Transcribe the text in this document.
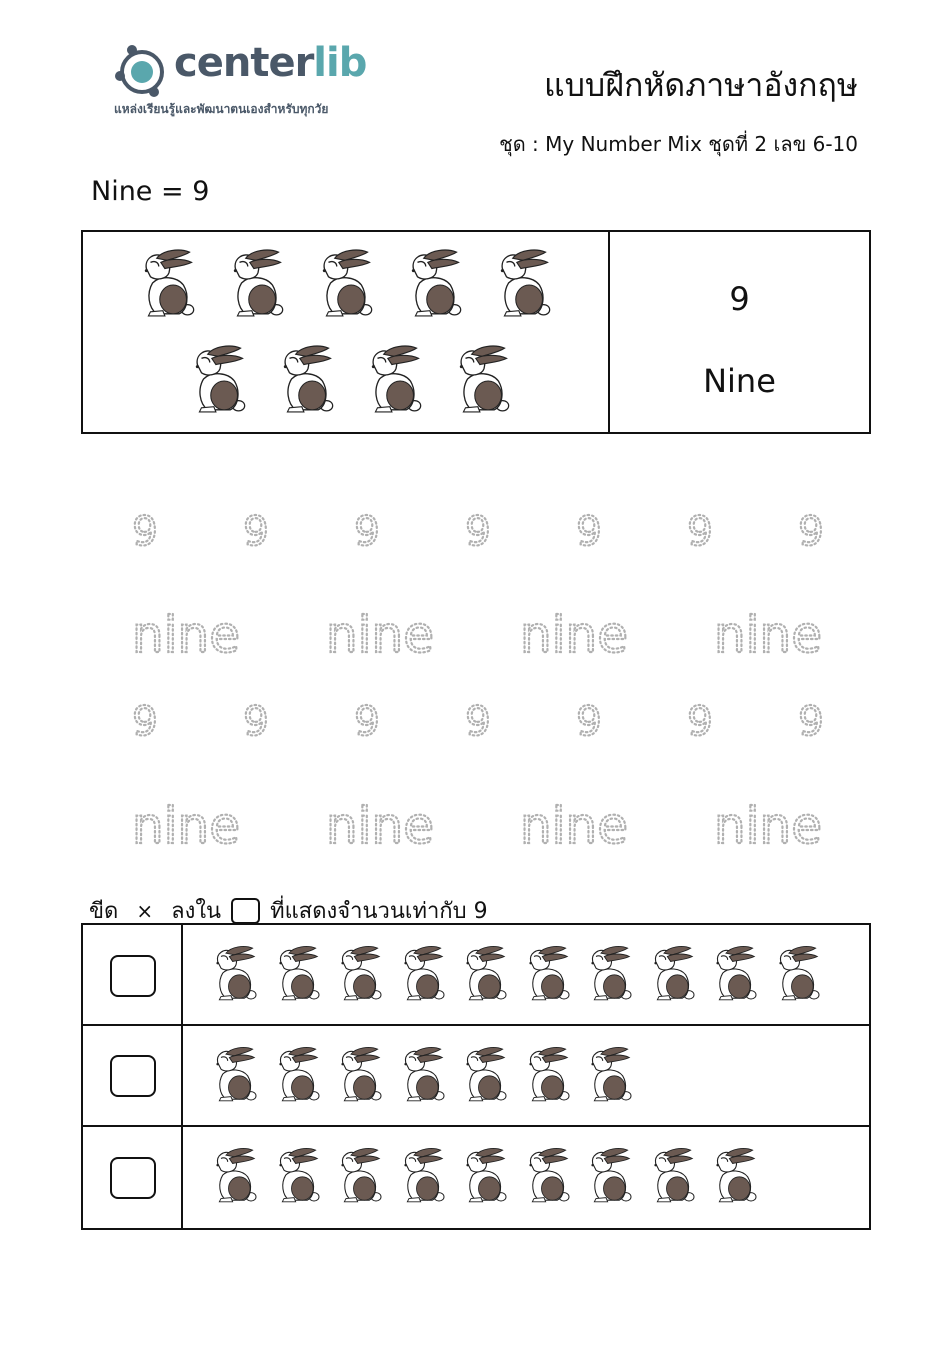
centerlib
แหล่งเรียนรู้และพัฒนาตนเองสำหรับทุกวัย
แบบฝึกหัดภาษาอังกฤษ
ชุด : My Number Mix ชุดที่ 2 เลข 6-10
Nine = 9
9
Nine
9 9 9 9 9 9 9
9 9 9 9 9 9 9
nine nine nine nine
nine nine nine nine
ขีด × ลงใน ที่แสดงจำนวนเท่ากับ 9
